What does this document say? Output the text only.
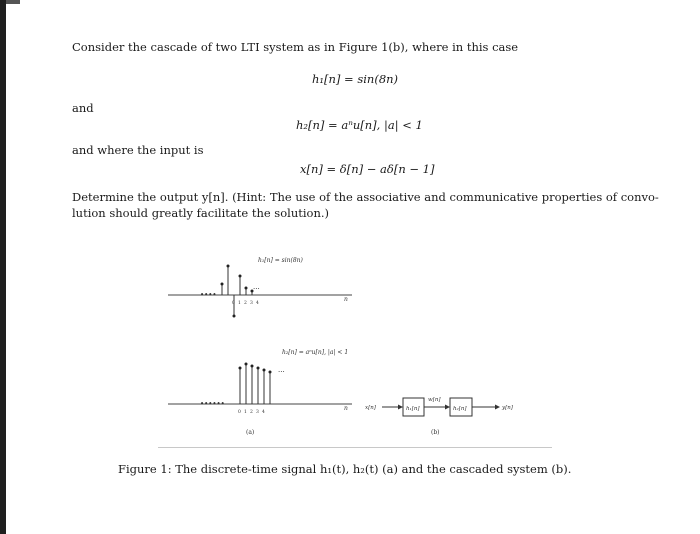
Consider the cascade of two LTI system as in Figure 1(b), where in this case
h₁[n] = sin(8n)
and
h₂[n] = aⁿu[n], |a| < 1
and where the input is
x[n] = δ[n] − aδ[n − 1]
Determine the output y[n]. (Hint: The use of the associative and communicative properties of convo-
lution should greatly facilitate the solution.)
h₁[n] = sin(8n)
••••
...
0 1 2 3 4
n
h₂[n] = aⁿu[n], |a| < 1
••••••
...
0 1 2 3 4
n
(a)
x[n]	h₁[n]
w[n]
h₂[n]	y[n]
(b)
Figure 1: The discrete-time signal h₁(t), h₂(t) (a) and the cascaded system (b).
